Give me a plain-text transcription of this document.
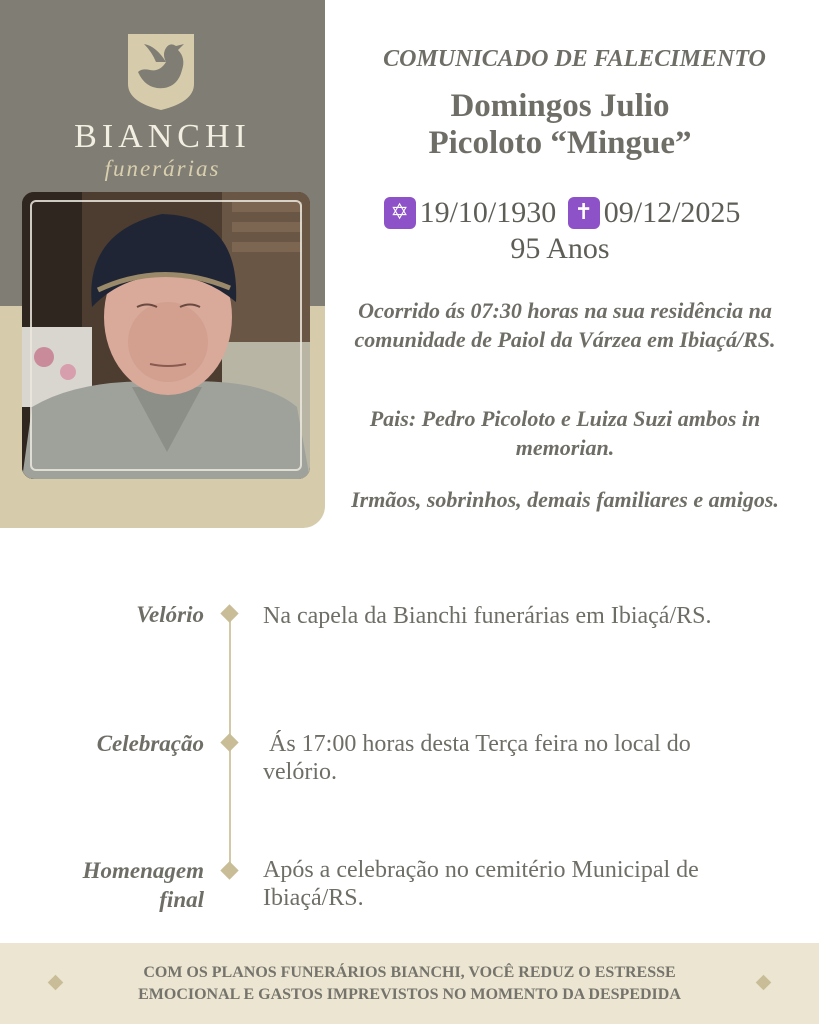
BIANCHI
funerárias
COMUNICADO DE FALECIMENTO
Domingos Julio
Picoloto “Mingue”
✡ 19/10/1930 ✝ 09/12/2025
95 Anos
Ocorrido ás 07:30 horas na sua residência na comunidade de Paiol da Várzea em Ibiaçá/RS.
Pais: Pedro Picoloto e Luiza Suzi ambos in memorian.
Irmãos, sobrinhos, demais familiares e amigos.
Velório Na capela da Bianchi funerárias em Ibiaçá/RS.
Celebração	Ás 17:00 horas desta Terça feira no local do velório.
Homenagem
final
Após a celebração no cemitério Municipal de Ibiaçá/RS.
COM OS PLANOS FUNERÁRIOS BIANCHI, VOCÊ REDUZ O ESTRESSE
EMOCIONAL E GASTOS IMPREVISTOS NO MOMENTO DA DESPEDIDA
